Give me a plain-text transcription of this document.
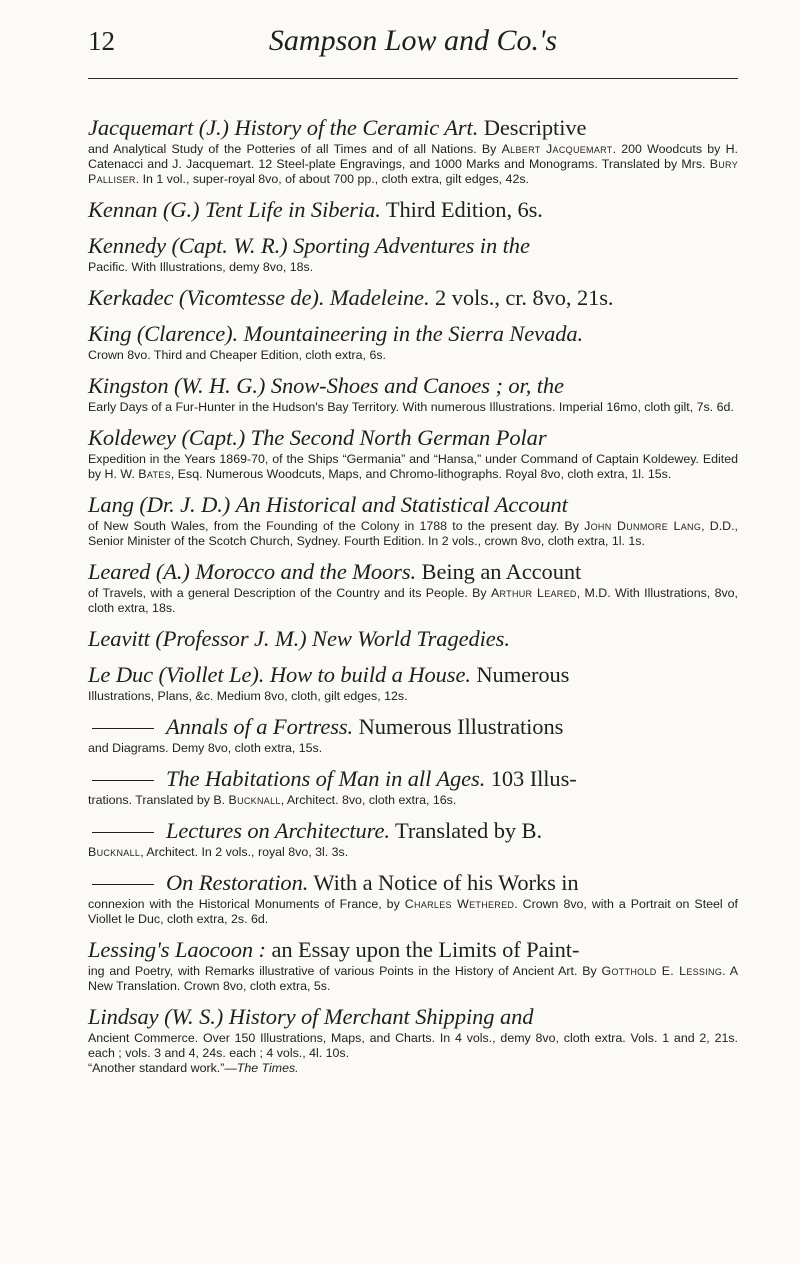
12	Sampson Low and Co.'s
Jacquemart (J.) History of the Ceramic Art. Descriptive
and Analytical Study of the Potteries of all Times and of all Nations. By Albert Jacquemart. 200 Woodcuts by H. Catenacci and J. Jacquemart. 12 Steel-plate Engravings, and 1000 Marks and Monograms. Translated by Mrs. Bury Palliser. In 1 vol., super-royal 8vo, of about 700 pp., cloth extra, gilt edges, 42s.
Kennan (G.) Tent Life in Siberia. Third Edition, 6s.
Kennedy (Capt. W. R.) Sporting Adventures in the
Pacific. With Illustrations, demy 8vo, 18s.
Kerkadec (Vicomtesse de). Madeleine. 2 vols., cr. 8vo, 21s.
King (Clarence). Mountaineering in the Sierra Nevada.
Crown 8vo. Third and Cheaper Edition, cloth extra, 6s.
Kingston (W. H. G.) Snow-Shoes and Canoes ; or, the
Early Days of a Fur-Hunter in the Hudson's Bay Territory. With numerous Illustrations. Imperial 16mo, cloth gilt, 7s. 6d.
Koldewey (Capt.) The Second North German Polar
Expedition in the Years 1869-70, of the Ships “Germania” and “Hansa,” under Command of Captain Koldewey. Edited by H. W. Bates, Esq. Numerous Woodcuts, Maps, and Chromo-lithographs. Royal 8vo, cloth extra, 1l. 15s.
Lang (Dr. J. D.) An Historical and Statistical Account
of New South Wales, from the Founding of the Colony in 1788 to the present day. By John Dunmore Lang, D.D., Senior Minister of the Scotch Church, Sydney. Fourth Edition. In 2 vols., crown 8vo, cloth extra, 1l. 1s.
Leared (A.) Morocco and the Moors. Being an Account
of Travels, with a general Description of the Country and its People. By Arthur Leared, M.D. With Illustrations, 8vo, cloth extra, 18s.
Leavitt (Professor J. M.) New World Tragedies.
Le Duc (Viollet Le). How to build a House. Numerous
Illustrations, Plans, &c. Medium 8vo, cloth, gilt edges, 12s.
Annals of a Fortress. Numerous Illustrations
and Diagrams. Demy 8vo, cloth extra, 15s.
The Habitations of Man in all Ages. 103 Illus-
trations. Translated by B. Bucknall, Architect. 8vo, cloth extra, 16s.
Lectures on Architecture. Translated by B.
Bucknall, Architect. In 2 vols., royal 8vo, 3l. 3s.
On Restoration. With a Notice of his Works in
connexion with the Historical Monuments of France, by Charles Wethered. Crown 8vo, with a Portrait on Steel of Viollet le Duc, cloth extra, 2s. 6d.
Lessing's Laocoon : an Essay upon the Limits of Paint-
ing and Poetry, with Remarks illustrative of various Points in the History of Ancient Art. By Gotthold E. Lessing. A New Translation. Crown 8vo, cloth extra, 5s.
Lindsay (W. S.) History of Merchant Shipping and
Ancient Commerce. Over 150 Illustrations, Maps, and Charts. In 4 vols., demy 8vo, cloth extra. Vols. 1 and 2, 21s. each ; vols. 3 and 4, 24s. each ; 4 vols., 4l. 10s.
“Another standard work.”—The Times.
